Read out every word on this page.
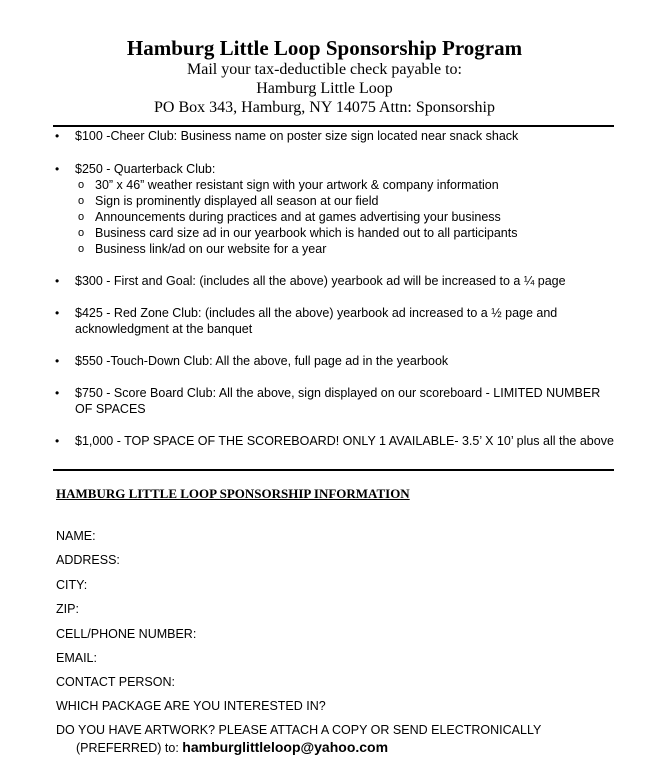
Hamburg Little Loop Sponsorship Program
Mail your tax-deductible check payable to:
Hamburg Little Loop
PO Box 343, Hamburg, NY 14075 Attn: Sponsorship
• $100 -Cheer Club: Business name on poster size sign located near snack shack
• $250 - Quarterback Club:
o 30” x 46” weather resistant sign with your artwork & company information
o Sign is prominently displayed all season at our field
o Announcements during practices and at games advertising your business
o Business card size ad in our yearbook which is handed out to all participants
o Business link/ad on our website for a year
• $300 - First and Goal: (includes all the above) yearbook ad will be increased to a ¼ page
• $425 - Red Zone Club: (includes all the above) yearbook ad increased to a ½ page and acknowledgment at the banquet
• $550 -Touch-Down Club: All the above, full page ad in the yearbook
• $750 - Score Board Club: All the above, sign displayed on our scoreboard - LIMITED NUMBER OF SPACES
• $1,000 - TOP SPACE OF THE SCOREBOARD! ONLY 1 AVAILABLE- 3.5’ X 10’ plus all the above
HAMBURG LITTLE LOOP SPONSORSHIP INFORMATION
NAME:
ADDRESS:
CITY:
ZIP:
CELL/PHONE NUMBER:
EMAIL:
CONTACT PERSON:
WHICH PACKAGE ARE YOU INTERESTED IN?
DO YOU HAVE ARTWORK? PLEASE ATTACH A COPY OR SEND ELECTRONICALLY
(PREFERRED) to: hamburglittleloop@yahoo.com
